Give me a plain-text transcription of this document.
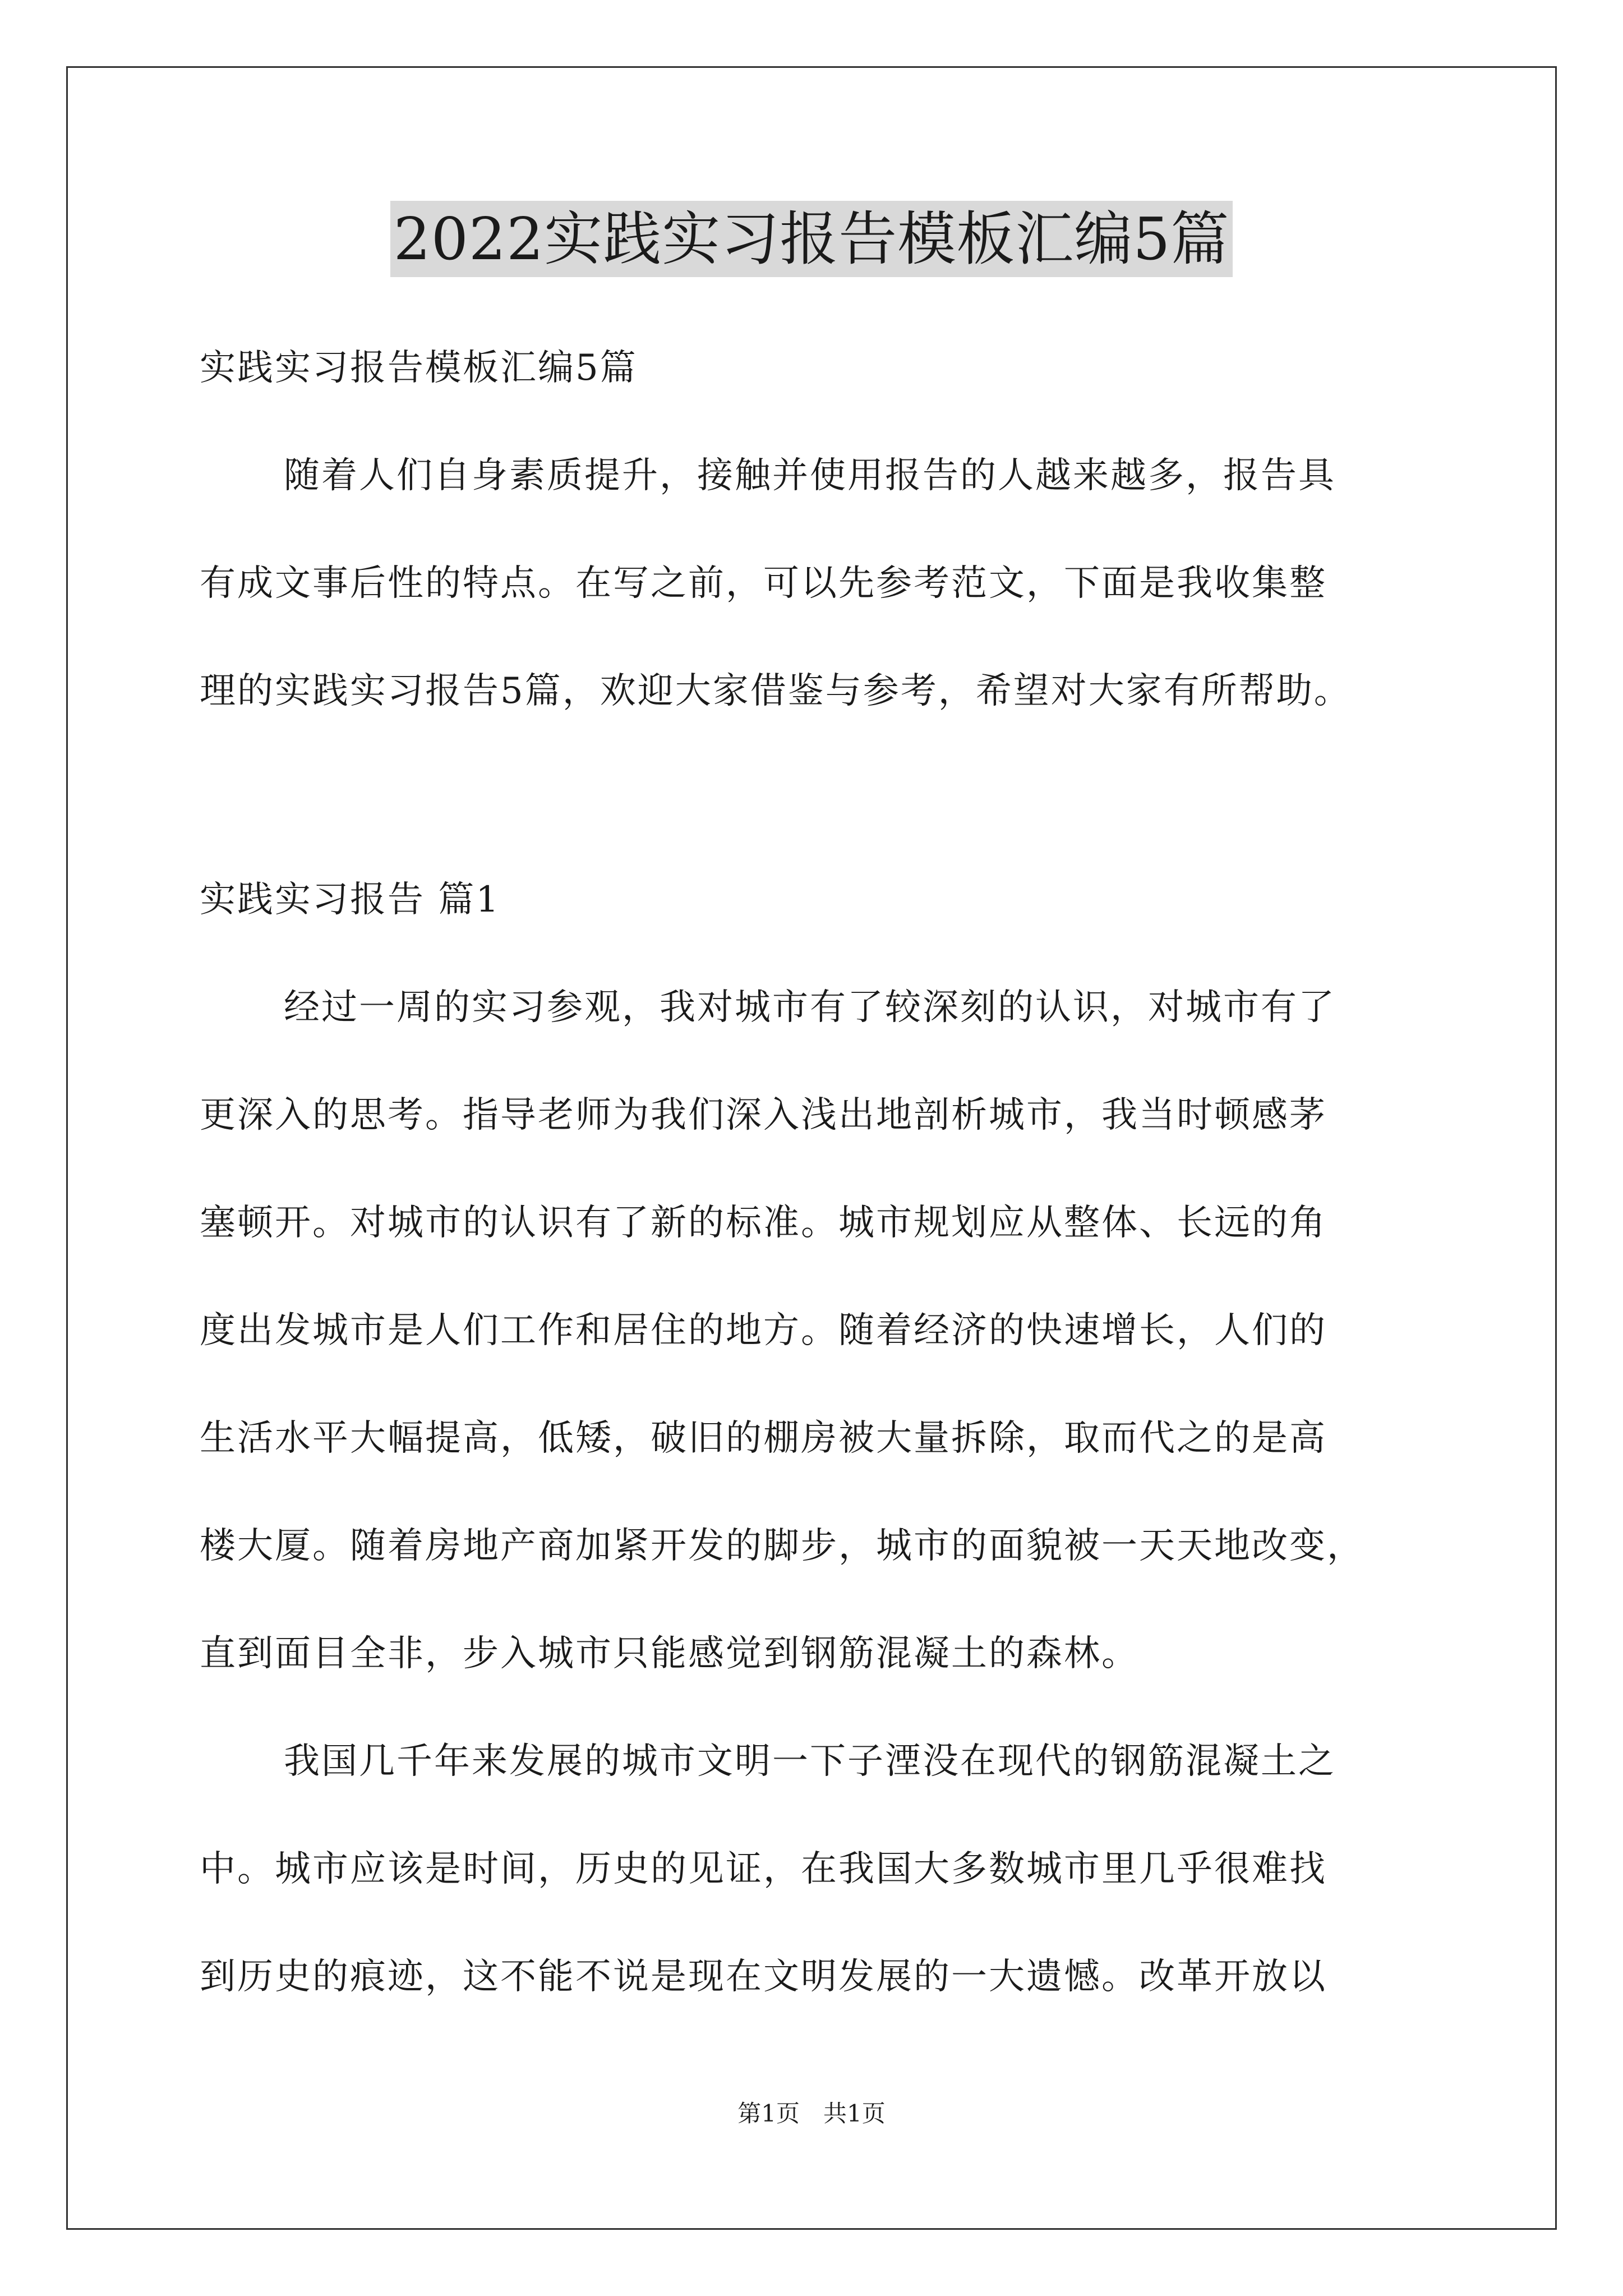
2022实践实习报告模板汇编5篇
实践实习报告模板汇编5篇
随着人们自身素质提升，接触并使用报告的人越来越多，报告具
有成文事后性的特点。在写之前，可以先参考范文，下面是我收集整
理的实践实习报告5篇，欢迎大家借鉴与参考，希望对大家有所帮助。
实践实习报告 篇1
经过一周的实习参观，我对城市有了较深刻的认识，对城市有了
更深入的思考。指导老师为我们深入浅出地剖析城市，我当时顿感茅
塞顿开。对城市的认识有了新的标准。城市规划应从整体、长远的角
度出发城市是人们工作和居住的地方。随着经济的快速增长，人们的
生活水平大幅提高，低矮，破旧的棚房被大量拆除，取而代之的是高
楼大厦。随着房地产商加紧开发的脚步，城市的面貌被一天天地改变，
直到面目全非，步入城市只能感觉到钢筋混凝土的森林。
我国几千年来发展的城市文明一下子湮没在现代的钢筋混凝土之
中。城市应该是时间，历史的见证，在我国大多数城市里几乎很难找
到历史的痕迹，这不能不说是现在文明发展的一大遗憾。改革开放以
第1页　共1页
